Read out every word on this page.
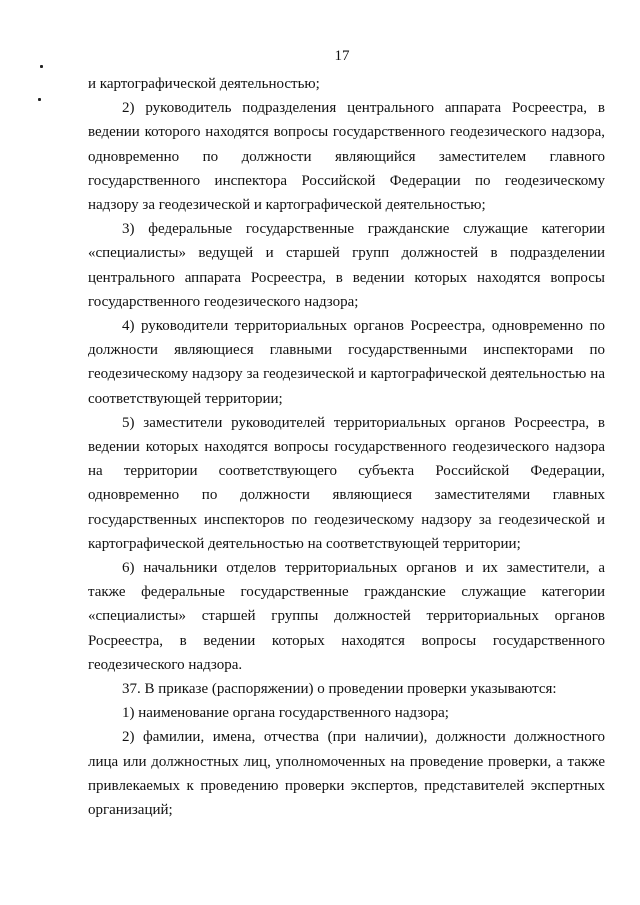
17

и картографической деятельностью;

2) руководитель подразделения центрального аппарата Росреестра, в ведении которого находятся вопросы государственного геодезического надзора, одновременно по должности являющийся заместителем главного государственного инспектора Российской Федерации по геодезическому надзору за геодезической и картографической деятельностью;

3) федеральные государственные гражданские служащие категории «специалисты» ведущей и старшей групп должностей в подразделении центрального аппарата Росреестра, в ведении которых находятся вопросы государственного геодезического надзора;

4) руководители территориальных органов Росреестра, одновременно по должности являющиеся главными государственными инспекторами по геодезическому надзору за геодезической и картографической деятельностью на соответствующей территории;

5) заместители руководителей территориальных органов Росреестра, в ведении которых находятся вопросы государственного геодезического надзора на территории соответствующего субъекта Российской Федерации, одновременно по должности являющиеся заместителями главных государственных инспекторов по геодезическому надзору за геодезической и картографической деятельностью на соответствующей территории;

6) начальники отделов территориальных органов и их заместители, а также федеральные государственные гражданские служащие категории «специалисты» старшей группы должностей территориальных органов Росреестра, в ведении которых находятся вопросы государственного геодезического надзора.

37. В приказе (распоряжении) о проведении проверки указываются:

1) наименование органа государственного надзора;

2) фамилии, имена, отчества (при наличии), должности должностного лица или должностных лиц, уполномоченных на проведение проверки, а также привлекаемых к проведению проверки экспертов, представителей экспертных организаций;
